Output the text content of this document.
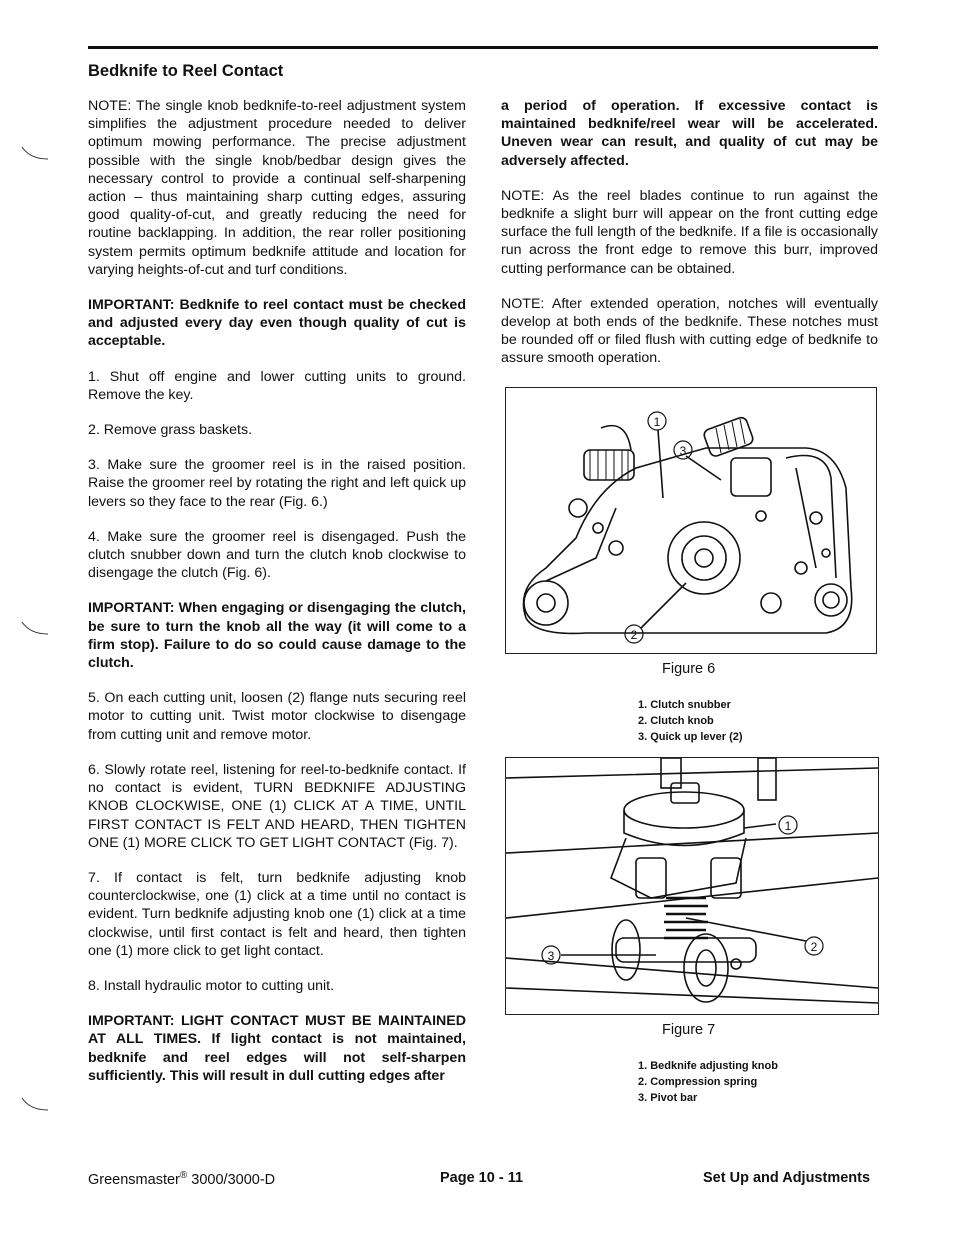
Bedknife to Reel Contact

NOTE: The single knob bedknife-to-reel adjustment system simplifies the adjustment procedure needed to deliver optimum mowing performance. The precise adjustment possible with the single knob/bedbar design gives the necessary control to provide a continual self-sharpening action – thus maintaining sharp cutting edges, assuring good quality-of-cut, and greatly reducing the need for routine backlapping. In addition, the rear roller positioning system permits optimum bedknife attitude and location for varying heights-of-cut and turf conditions.

IMPORTANT: Bedknife to reel contact must be checked and adjusted every day even though quality of cut is acceptable.

1. Shut off engine and lower cutting units to ground. Remove the key.

2. Remove grass baskets.

3. Make sure the groomer reel is in the raised position. Raise the groomer reel by rotating the right and left quick up levers so they face to the rear (Fig. 6.)

4. Make sure the groomer reel is disengaged. Push the clutch snubber down and turn the clutch knob clockwise to disengage the clutch (Fig. 6).

IMPORTANT: When engaging or disengaging the clutch, be sure to turn the knob all the way (it will come to a firm stop). Failure to do so could cause damage to the clutch.

5. On each cutting unit, loosen (2) flange nuts securing reel motor to cutting unit. Twist motor clockwise to disengage from cutting unit and remove motor.

6. Slowly rotate reel, listening for reel-to-bedknife contact. If no contact is evident, TURN BEDKNIFE ADJUSTING KNOB CLOCKWISE, ONE (1) CLICK AT A TIME, UNTIL FIRST CONTACT IS FELT AND HEARD, THEN TIGHTEN ONE (1) MORE CLICK TO GET LIGHT CONTACT (Fig. 7).

7. If contact is felt, turn bedknife adjusting knob counterclockwise, one (1) click at a time until no contact is evident. Turn bedknife adjusting knob one (1) click at a time clockwise, until first contact is felt and heard, then tighten one (1) more click to get light contact.

8. Install hydraulic motor to cutting unit.

IMPORTANT: LIGHT CONTACT MUST BE MAINTAINED AT ALL TIMES. If light contact is not maintained, bedknife and reel edges will not self-sharpen sufficiently. This will result in dull cutting edges after

a period of operation. If excessive contact is maintained bedknife/reel wear will be accelerated. Uneven wear can result, and quality of cut may be adversely affected.

NOTE: As the reel blades continue to run against the bedknife a slight burr will appear on the front cutting edge surface the full length of the bedknife. If a file is occasionally run across the front edge to remove this burr, improved cutting performance can be obtained.

NOTE: After extended operation, notches will eventually develop at both ends of the bedknife. These notches must be rounded off or filed flush with cutting edge of bedknife to assure smooth operation.

1
3
2
Figure 6
1. Clutch snubber
2. Clutch knob
3. Quick up lever (2)
1
2
3
Figure 7
1. Bedknife adjusting knob
2. Compression spring
3. Pivot bar
Greensmaster® 3000/3000-D	Page 10 - 11	Set Up and Adjustments
